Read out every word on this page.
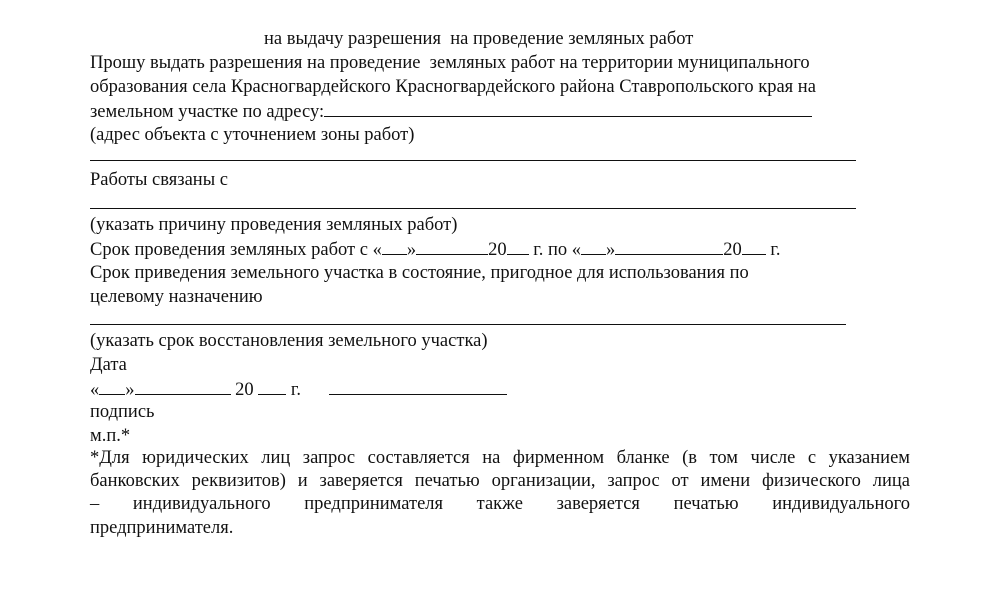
на выдачу разрешения  на проведение земляных работ
Прошу выдать разрешения на проведение  земляных работ на территории муниципального
образования села Красногвардейского Красногвардейского района Ставропольского края на
земельном участке по адресу:
(адрес объекта с уточнением зоны работ)
Работы связаны с
(указать причину проведения земляных работ)
Срок проведения земляных работ с « »	20 г. по « »	20 г.
Срок приведения земельного участка в состояние, пригодное для использования по
целевому назначению
(указать срок восстановления земельного участка)
Дата
« »	20 г.
подпись
м.п.*
*Для юридических лиц запрос составляется на фирменном бланке (в том числе с указанием
банковских реквизитов) и заверяется печатью организации, запрос от имени физического лица
– индивидуального предпринимателя также заверяется печатью индивидуального
предпринимателя.
